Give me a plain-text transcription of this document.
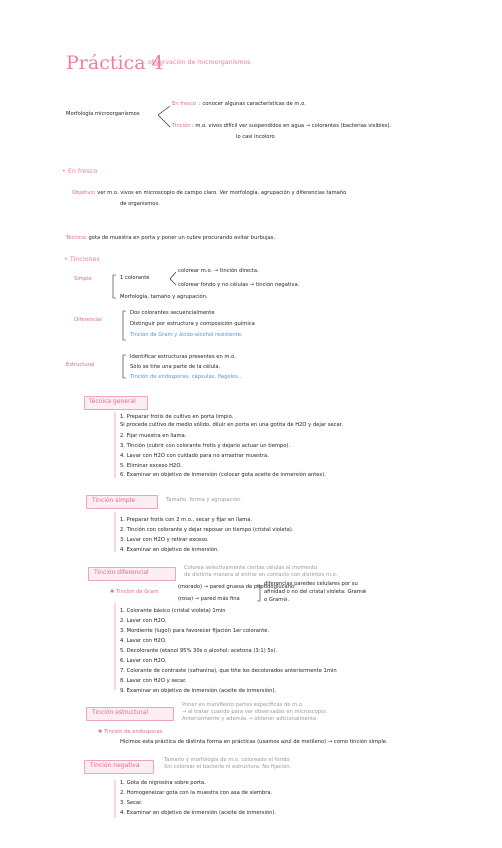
Práctica 4
: observación de microorganismos
Morfología microorganismos
En fresco : conocer algunas características de m.o.
Tinción : m.o. vivos difícil ver suspendidos en agua → colorantes (bacterias visibles).
lo casi incoloro
• En fresco
Objetivo: ver m.o. vivos en microscopio de campo claro. Ver morfología, agrupación y diferencias tamaño
de organismos.
Técnica: gota de muestra en porta y poner un cubre procurando evitar burbujas.
• Tinciones
Simple	1 colorante
colorear m.o. → tinción directa.
colorear fondo y no células → tinción negativa.
Morfología, tamaño y agrupación.
Diferencial
Dos colorantes secuencialmente
Distinguir por estructura y composición química
Tinción de Gram y ácido-alcohol resistente.
Estructural
Identificar estructuras presentes en m.o.
Sólo se tiñe una parte de la célula.
Tinción de endosporas, cápsulas, flagelos...
Técnica general
1. Preparar frotis de cultivo en porta limpio.
Si procede cultivo de medio sólido, diluir en porta en una gotita de H2O y dejar secar.
2. Fijar muestra en llama.
3. Tinción (cubrir con colorante frotis y dejarlo actuar un tiempo).
4. Lavar con H2O con cuidado para no arrastrar muestra.
5. Eliminar exceso H2O.
6. Examinar en objetivo de inmersión (colocar gota aceite de inmersión antes).
Tinción simple	Tamaño, forma y agrupación.
1. Preparar frotis con 2 m.o., secar y fijar en llama.
2. Tinción con colorante y dejar reposar un tiempo (cristal violeta).
3. Lavar con H2O y retirar exceso.
4. Examinar en objetivo de inmersión.
Tinción diferencial
Colorea selectivamente ciertas células al momento
de distinta manera al entrar en contacto con distintos m.o.
✱ Tinción de Gram
(morado) → pared gruesa de peptidoglucano
(rosa) → pared más fina
diferencias paredes celulares por su
afinidad o no del cristal violeta: Gram⊕
o Gram⊖.
1. Colorante básico (cristal violeta) 1min
2. Lavar con H2O.
3. Mordiente (lugol) para favorecer fijación 1er colorante.
4. Lavar con H2O.
5. Decolorante (etanol 95% 30s o alcohol: acetona (3:1) 5s).
6. Lavar con H2O.
7. Colorante de contraste (safranina), que tiñe los decolorados anteriormente 1min
8. Lavar con H2O y secar.
9. Examinar en objetivo de inmersión (aceite de inmersión).
Tinción estructural
Poner en manifiesto partes específicas de m.o.
→ al tratar cuando para ver observadas en microscopio.
Anteriormente y además → obtener adicionalmente.
✱ Tinción de endosporas
Hicimos esta práctica de distinta forma en prácticas (usamos azul de metileno) → como tinción simple.
Tinción negativa
Tamaño y morfología de m.o. coloreado el fondo.
Sin colorear el bacterio ni estructura. No fijación.
1. Gota de nigrosina sobre porta.
2. Homogeneizar gota con la muestra con asa de siembra.
3. Secar.
4. Examinar en objetivo de inmersión (aceite de inmersión).
